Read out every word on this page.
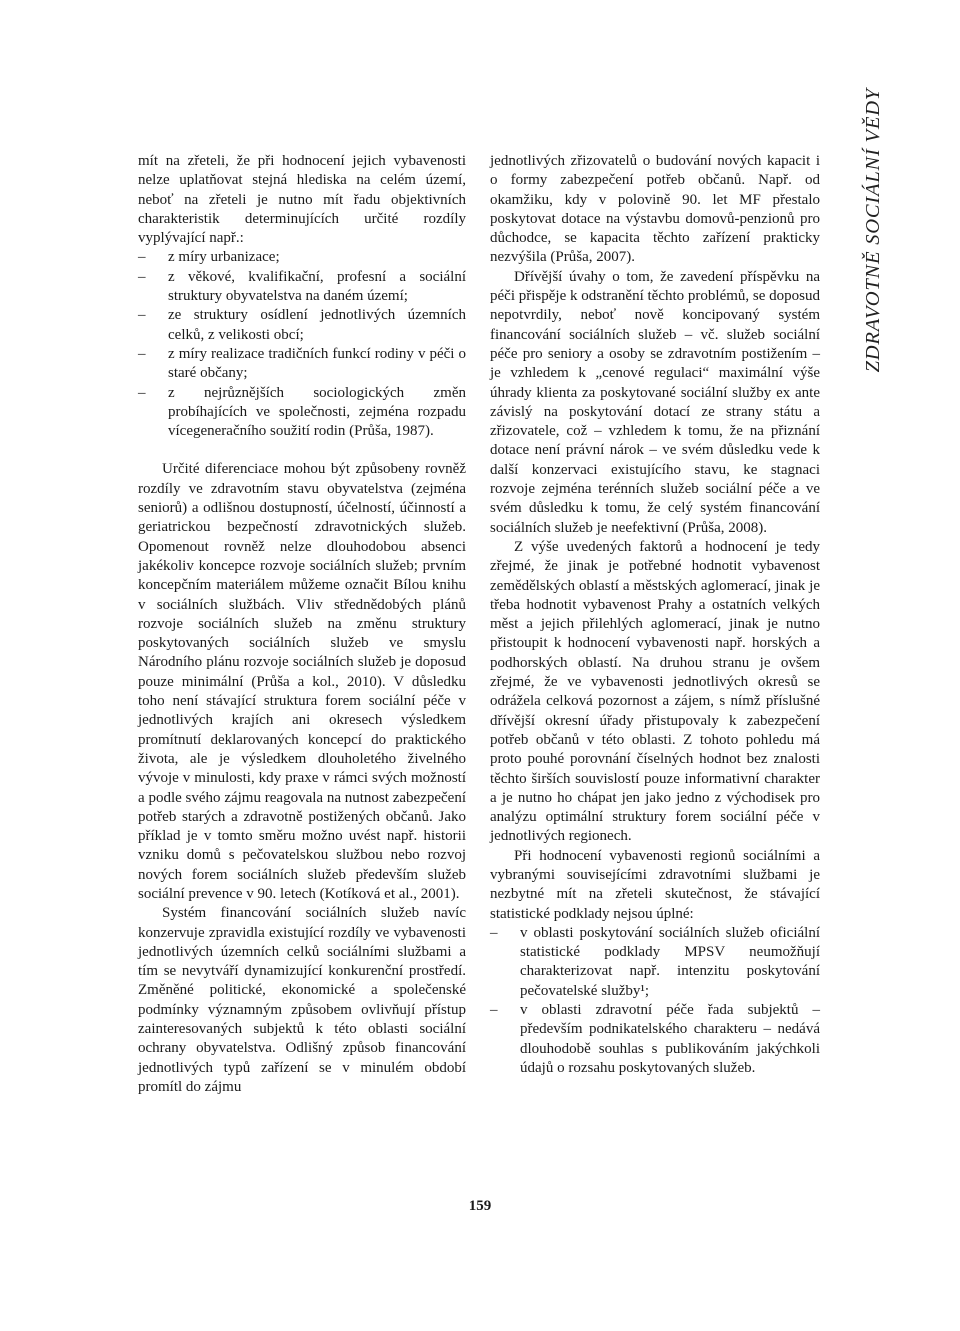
mít na zřeteli, že při hodnocení jejich vybavenosti nelze uplatňovat stejná hlediska na celém území, neboť na zřeteli je nutno mít řadu objektivních charakteristik determinujících určité rozdíly vyplývající např.:

– z míry urbanizace;
– z věkové, kvalifikační, profesní a sociální struktury obyvatelstva na daném území;
– ze struktury osídlení jednotlivých územních celků, z velikosti obcí;
– z míry realizace tradičních funkcí rodiny v péči o staré občany;
– z nejrůznějších sociologických změn probíhajících ve společnosti, zejména rozpadu vícegeneračního soužití rodin (Průša, 1987).

Určité diferenciace mohou být způsobeny rovněž rozdíly ve zdravotním stavu obyvatelstva (zejména seniorů) a odlišnou dostupností, účelností, účinností a geriatrickou bezpečností zdravotnických služeb. Opomenout rovněž nelze dlouhodobou absenci jakékoliv koncepce rozvoje sociálních služeb; prvním koncepčním materiálem můžeme označit Bílou knihu v sociálních službách. Vliv střednědobých plánů rozvoje sociálních služeb na změnu struktury poskytovaných sociálních služeb ve smyslu Národního plánu rozvoje sociálních služeb je doposud pouze minimální (Průša a kol., 2010). V důsledku toho není stávající struktura forem sociální péče v jednotlivých krajích ani okresech výsledkem promítnutí deklarovaných koncepcí do praktického života, ale je výsledkem dlouholetého živelného vývoje v minulosti, kdy praxe v rámci svých možností a podle svého zájmu reagovala na nutnost zabezpečení potřeb starých a zdravotně postižených občanů. Jako příklad je v tomto směru možno uvést např. historii vzniku domů s pečovatelskou službou nebo rozvoj nových forem sociálních služeb především služeb sociální prevence v 90. letech (Kotíková et al., 2001).

Systém financování sociálních služeb navíc konzervuje zpravidla existující rozdíly ve vybavenosti jednotlivých územních celků sociálními službami a tím se nevytváří dynamizující konkurenční prostředí. Změněné politické, ekonomické a společenské podmínky významným způsobem ovlivňují přístup zainteresovaných subjektů k této oblasti sociální ochrany obyvatelstva. Odlišný způsob financování jednotlivých typů zařízení se v minulém období promítl do zájmu

jednotlivých zřizovatelů o budování nových kapacit i o formy zabezpečení potřeb občanů. Např. od okamžiku, kdy v polovině 90. let MF přestalo poskytovat dotace na výstavbu domovů-penzionů pro důchodce, se kapacita těchto zařízení prakticky nezvýšila (Průša, 2007).

Dřívější úvahy o tom, že zavedení příspěvku na péči přispěje k odstranění těchto problémů, se doposud nepotvrdily, neboť nově koncipovaný systém financování sociálních služeb – vč. služeb sociální péče pro seniory a osoby se zdravotním postižením – je vzhledem k „cenové regulaci“ maximální výše úhrady klienta za poskytované sociální služby ex ante závislý na poskytování dotací ze strany státu a zřizovatele, což – vzhledem k tomu, že na přiznání dotace není právní nárok – ve svém důsledku vede k další konzervaci existujícího stavu, ke stagnaci rozvoje zejména terénních služeb sociální péče a ve svém důsledku k tomu, že celý systém financování sociálních služeb je neefektivní (Průša, 2008).

Z výše uvedených faktorů a hodnocení je tedy zřejmé, že jinak je potřebné hodnotit vybavenost zemědělských oblastí a městských aglomerací, jinak je třeba hodnotit vybavenost Prahy a ostatních velkých měst a jejich přilehlých aglomerací, jinak je nutno přistoupit k hodnocení vybavenosti např. horských a podhorských oblastí. Na druhou stranu je ovšem zřejmé, že ve vybavenosti jednotlivých okresů se odrážela celková pozornost a zájem, s nímž příslušné dřívější okresní úřady přistupovaly k zabezpečení potřeb občanů v této oblasti. Z tohoto pohledu má proto pouhé porovnání číselných hodnot bez znalosti těchto širších souvislostí pouze informativní charakter a je nutno ho chápat jen jako jedno z východisek pro analýzu optimální struktury forem sociální péče v jednotlivých regionech.

Při hodnocení vybavenosti regionů sociálními a vybranými souvisejícími zdravotními službami je nezbytné mít na zřeteli skutečnost, že stávající statistické podklady nejsou úplné:

– v oblasti poskytování sociálních služeb oficiální statistické podklady MPSV neumožňují charakterizovat např. intenzitu poskytování pečovatelské služby¹;
– v oblasti zdravotní péče řada subjektů – především podnikatelského charakteru – nedává dlouhodobě souhlas s publikováním jakýchkoli údajů o rozsahu poskytovaných služeb.
ZDRAVOTNĚ SOCIÁLNÍ VĚDY
159
